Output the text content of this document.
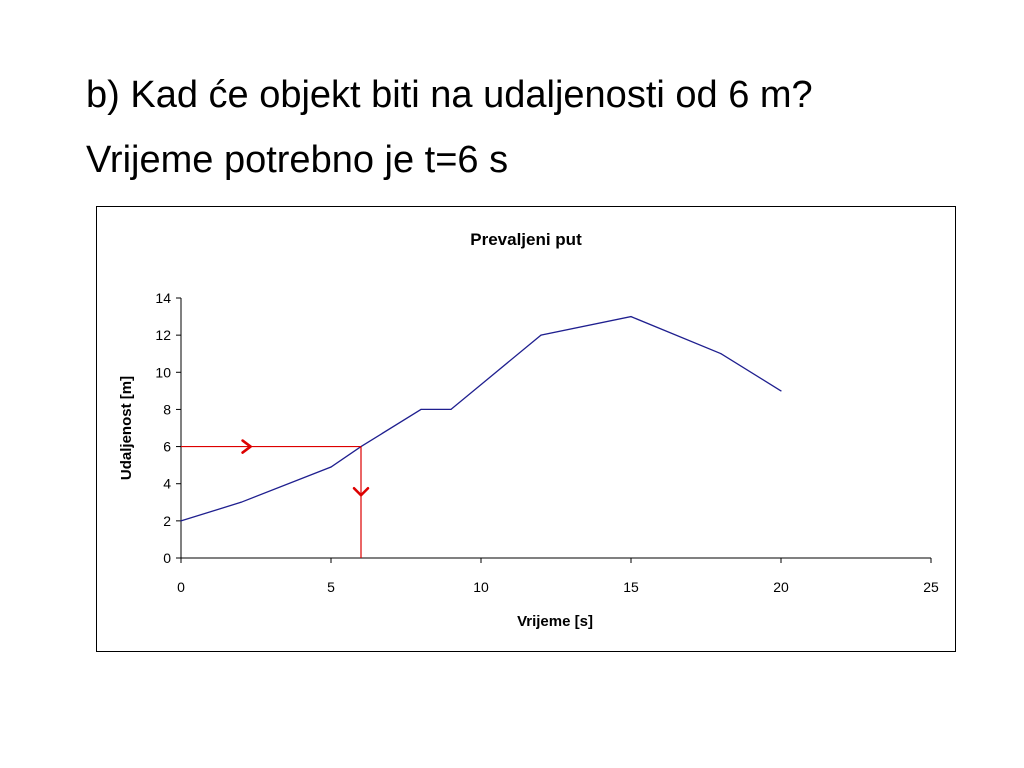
b) Kad će objekt biti na udaljenosti od 6 m?
Vrijeme potrebno je t=6 s
Prevaljeni put
Vrijeme [s]
Udaljenost [m]
0
2
4
6
8
10
12
14
0	5	10	15	20	25
